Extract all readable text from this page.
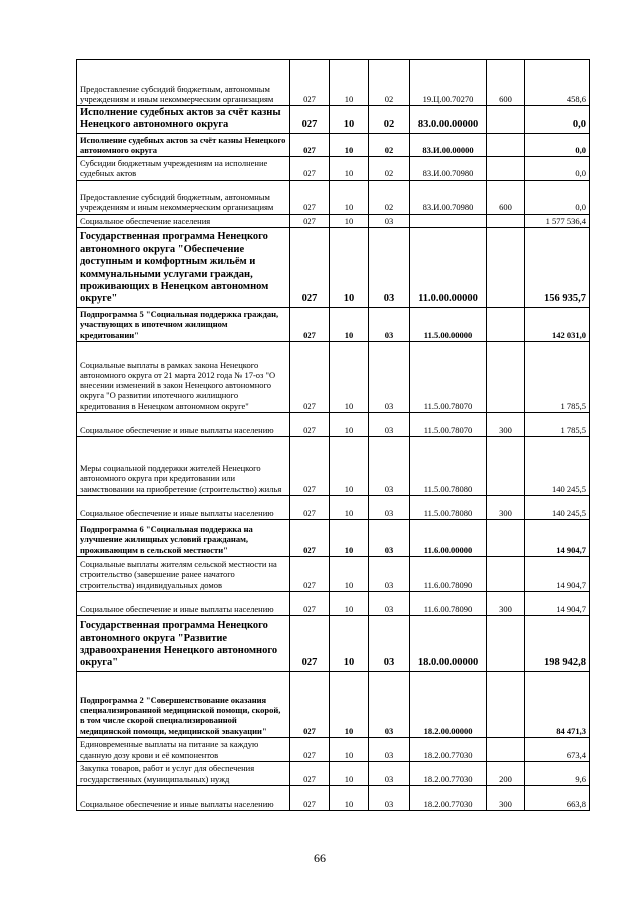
Предоставление субсидий бюджетным, автономным учреждениям и иным некоммерческим организациям	027	10	02	19.Ц.00.70270	600	458,6
Исполнение судебных актов за счёт казны Ненецкого автономного округа	027	10	02	83.0.00.00000		0,0
Исполнение судебных актов за счёт казны Ненецкого автономного округа	027	10	02	83.И.00.00000		0,0
Субсидии бюджетным учреждениям на исполнение судебных актов	027	10	02	83.И.00.70980		0,0
Предоставление субсидий бюджетным, автономным учреждениям и иным некоммерческим организациям	027	10	02	83.И.00.70980	600	0,0
Социальное обеспечение населения	027	10	03			1 577 536,4
Государственная программа Ненецкого автономного округа "Обеспечение доступным и комфортным жильём и коммунальными услугами граждан, проживающих в Ненецком автономном округе"	027	10	03	11.0.00.00000		156 935,7
Подпрограмма 5 "Социальная поддержка граждан, участвующих в ипотечном жилищном кредитовании"	027	10	03	11.5.00.00000		142 031,0
Социальные выплаты в рамках закона Ненецкого автономного округа от 21 марта 2012 года № 17-оз "О внесении изменений в закон Ненецкого автономного округа "О развитии ипотечного жилищного кредитования в Ненецком автономном округе"	027	10	03	11.5.00.78070		1 785,5
Социальное обеспечение и иные выплаты населению	027	10	03	11.5.00.78070	300	1 785,5
Меры социальной поддержки жителей Ненецкого автономного округа при кредитовании или заимствовании на приобретение (строительство) жилья	027	10	03	11.5.00.78080		140 245,5
Социальное обеспечение и иные выплаты населению	027	10	03	11.5.00.78080	300	140 245,5
Подпрограмма 6 "Социальная поддержка на улучшение жилищных условий гражданам, проживающим в сельской местности"	027	10	03	11.6.00.00000		14 904,7
Социальные выплаты жителям сельской местности на строительство (завершение ранее начатого строительства) индивидуальных домов	027	10	03	11.6.00.78090		14 904,7
Социальное обеспечение и иные выплаты населению	027	10	03	11.6.00.78090	300	14 904,7
Государственная программа Ненецкого автономного округа "Развитие здравоохранения Ненецкого автономного округа"	027	10	03	18.0.00.00000		198 942,8
Подпрограмма 2 "Совершенствование оказания специализированной медицинской помощи, скорой, в том числе скорой специализированной медицинской помощи, медицинской эвакуации"	027	10	03	18.2.00.00000		84 471,3
Единовременные выплаты на питание за каждую сданную дозу крови и её компонентов	027	10	03	18.2.00.77030		673,4
Закупка товаров, работ и услуг для обеспечения государственных (муниципальных) нужд	027	10	03	18.2.00.77030	200	9,6
Социальное обеспечение и иные выплаты населению	027	10	03	18.2.00.77030	300	663,8
66
